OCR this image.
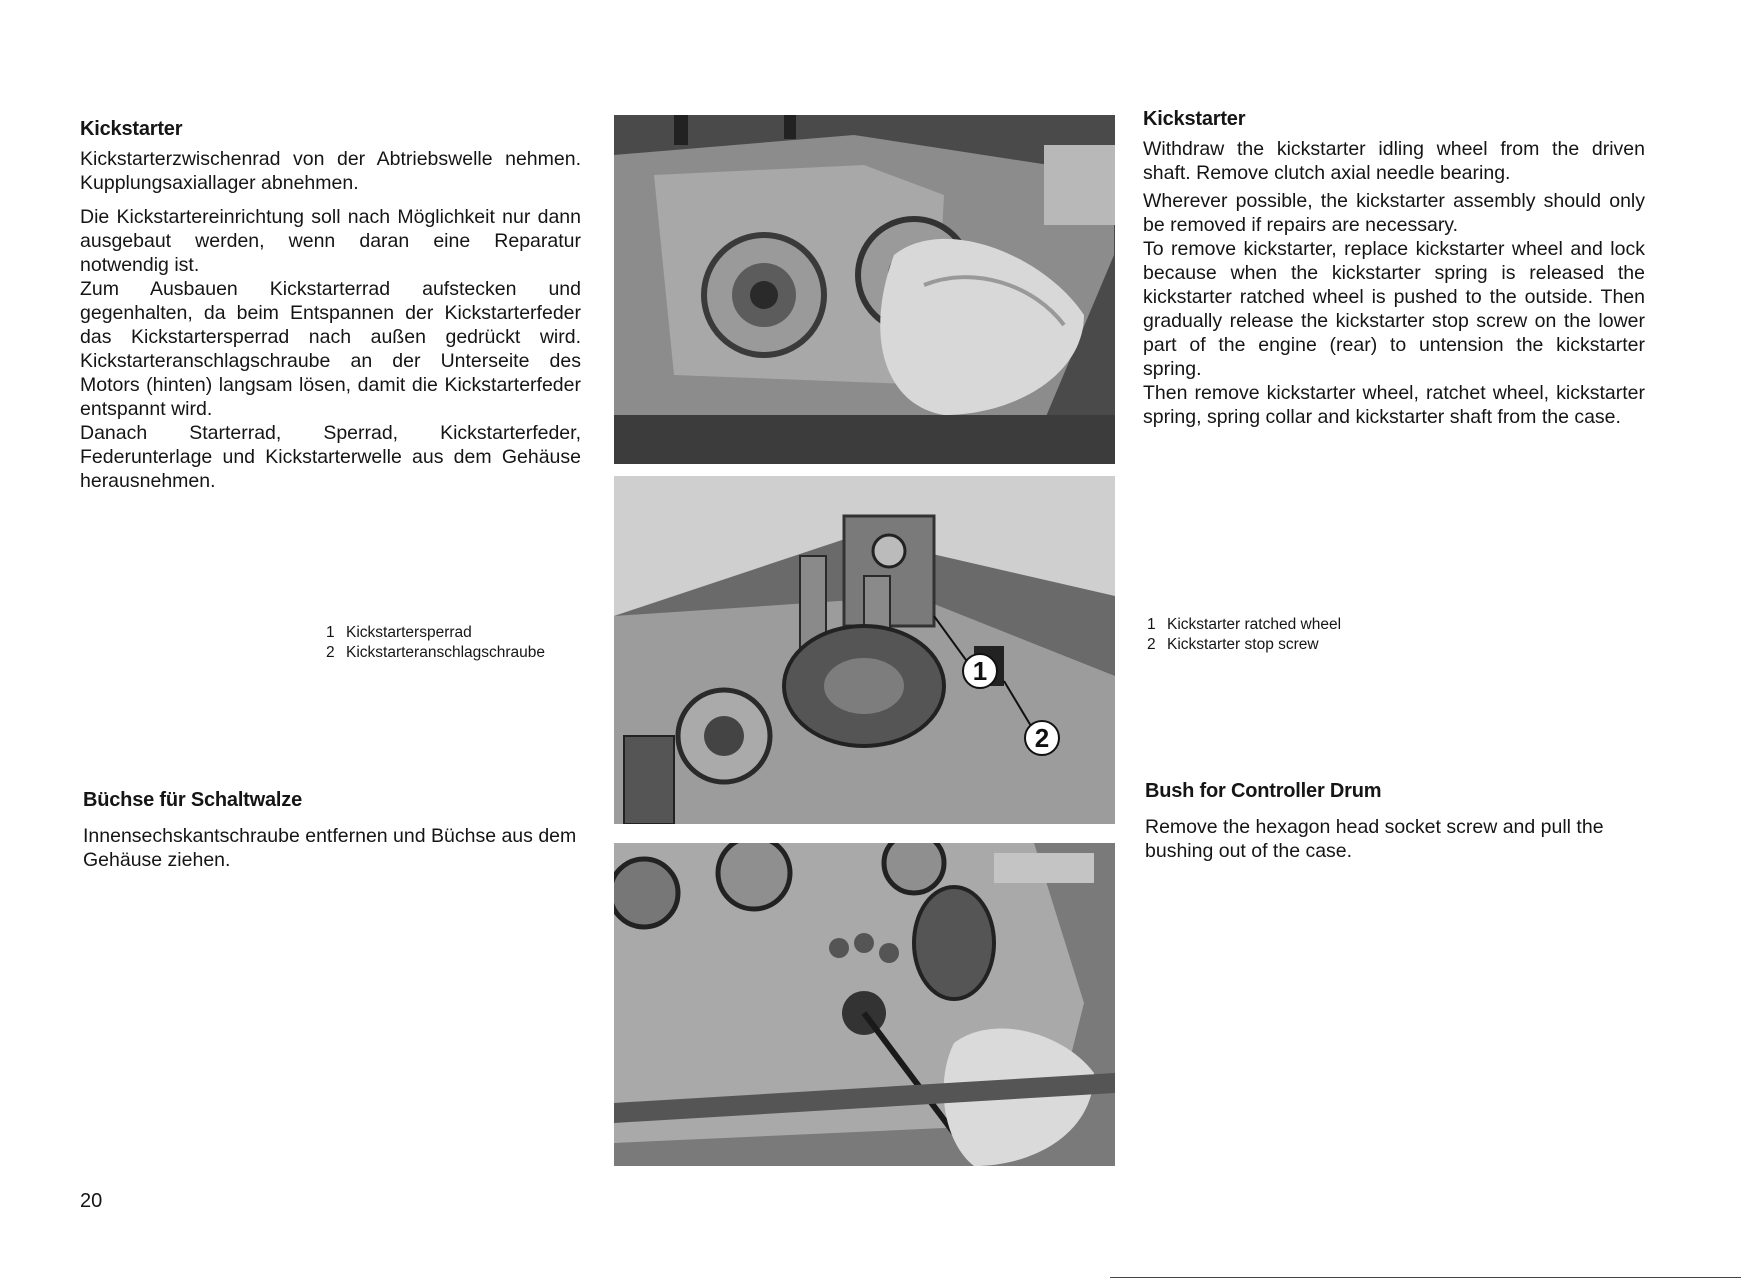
Kickstarter

Kickstarterzwischenrad von der Abtriebswelle nehmen. Kupplungsaxiallager abnehmen.

Die Kickstartereinrichtung soll nach Möglichkeit nur dann ausgebaut werden, wenn daran eine Reparatur notwendig ist.

Zum Ausbauen Kickstarterrad aufstecken und gegenhalten, da beim Entspannen der Kickstarterfeder das Kickstartersperrad nach außen gedrückt wird. Kickstarteranschlagschraube an der Unterseite des Motors (hinten) langsam lösen, damit die Kickstarterfeder entspannt wird.

Danach Starterrad, Sperrad, Kickstarterfeder, Federunterlage und Kickstarterwelle aus dem Gehäuse herausnehmen.

1 Kickstartersperrad
2 Kickstarteranschlagschraube
Büchse für Schaltwalze

Innensechskantschraube entfernen und Büchse aus dem Gehäuse ziehen.

Kickstarter

Withdraw the kickstarter idling wheel from the driven shaft. Remove clutch axial needle bearing.

Wherever possible, the kickstarter assembly should only be removed if repairs are necessary.

To remove kickstarter, replace kickstarter wheel and lock because when the kickstarter spring is released the kickstarter ratched wheel is pushed to the outside. Then gradually release the kickstarter stop screw on the lower part of the engine (rear) to untension the kickstarter spring.

Then remove kickstarter wheel, ratchet wheel, kickstarter spring, spring collar and kickstarter shaft from the case.

1 Kickstarter ratched wheel
2 Kickstarter stop screw
Bush for Controller Drum

Remove the hexagon head socket screw and pull the bushing out of the case.

1
2
20
